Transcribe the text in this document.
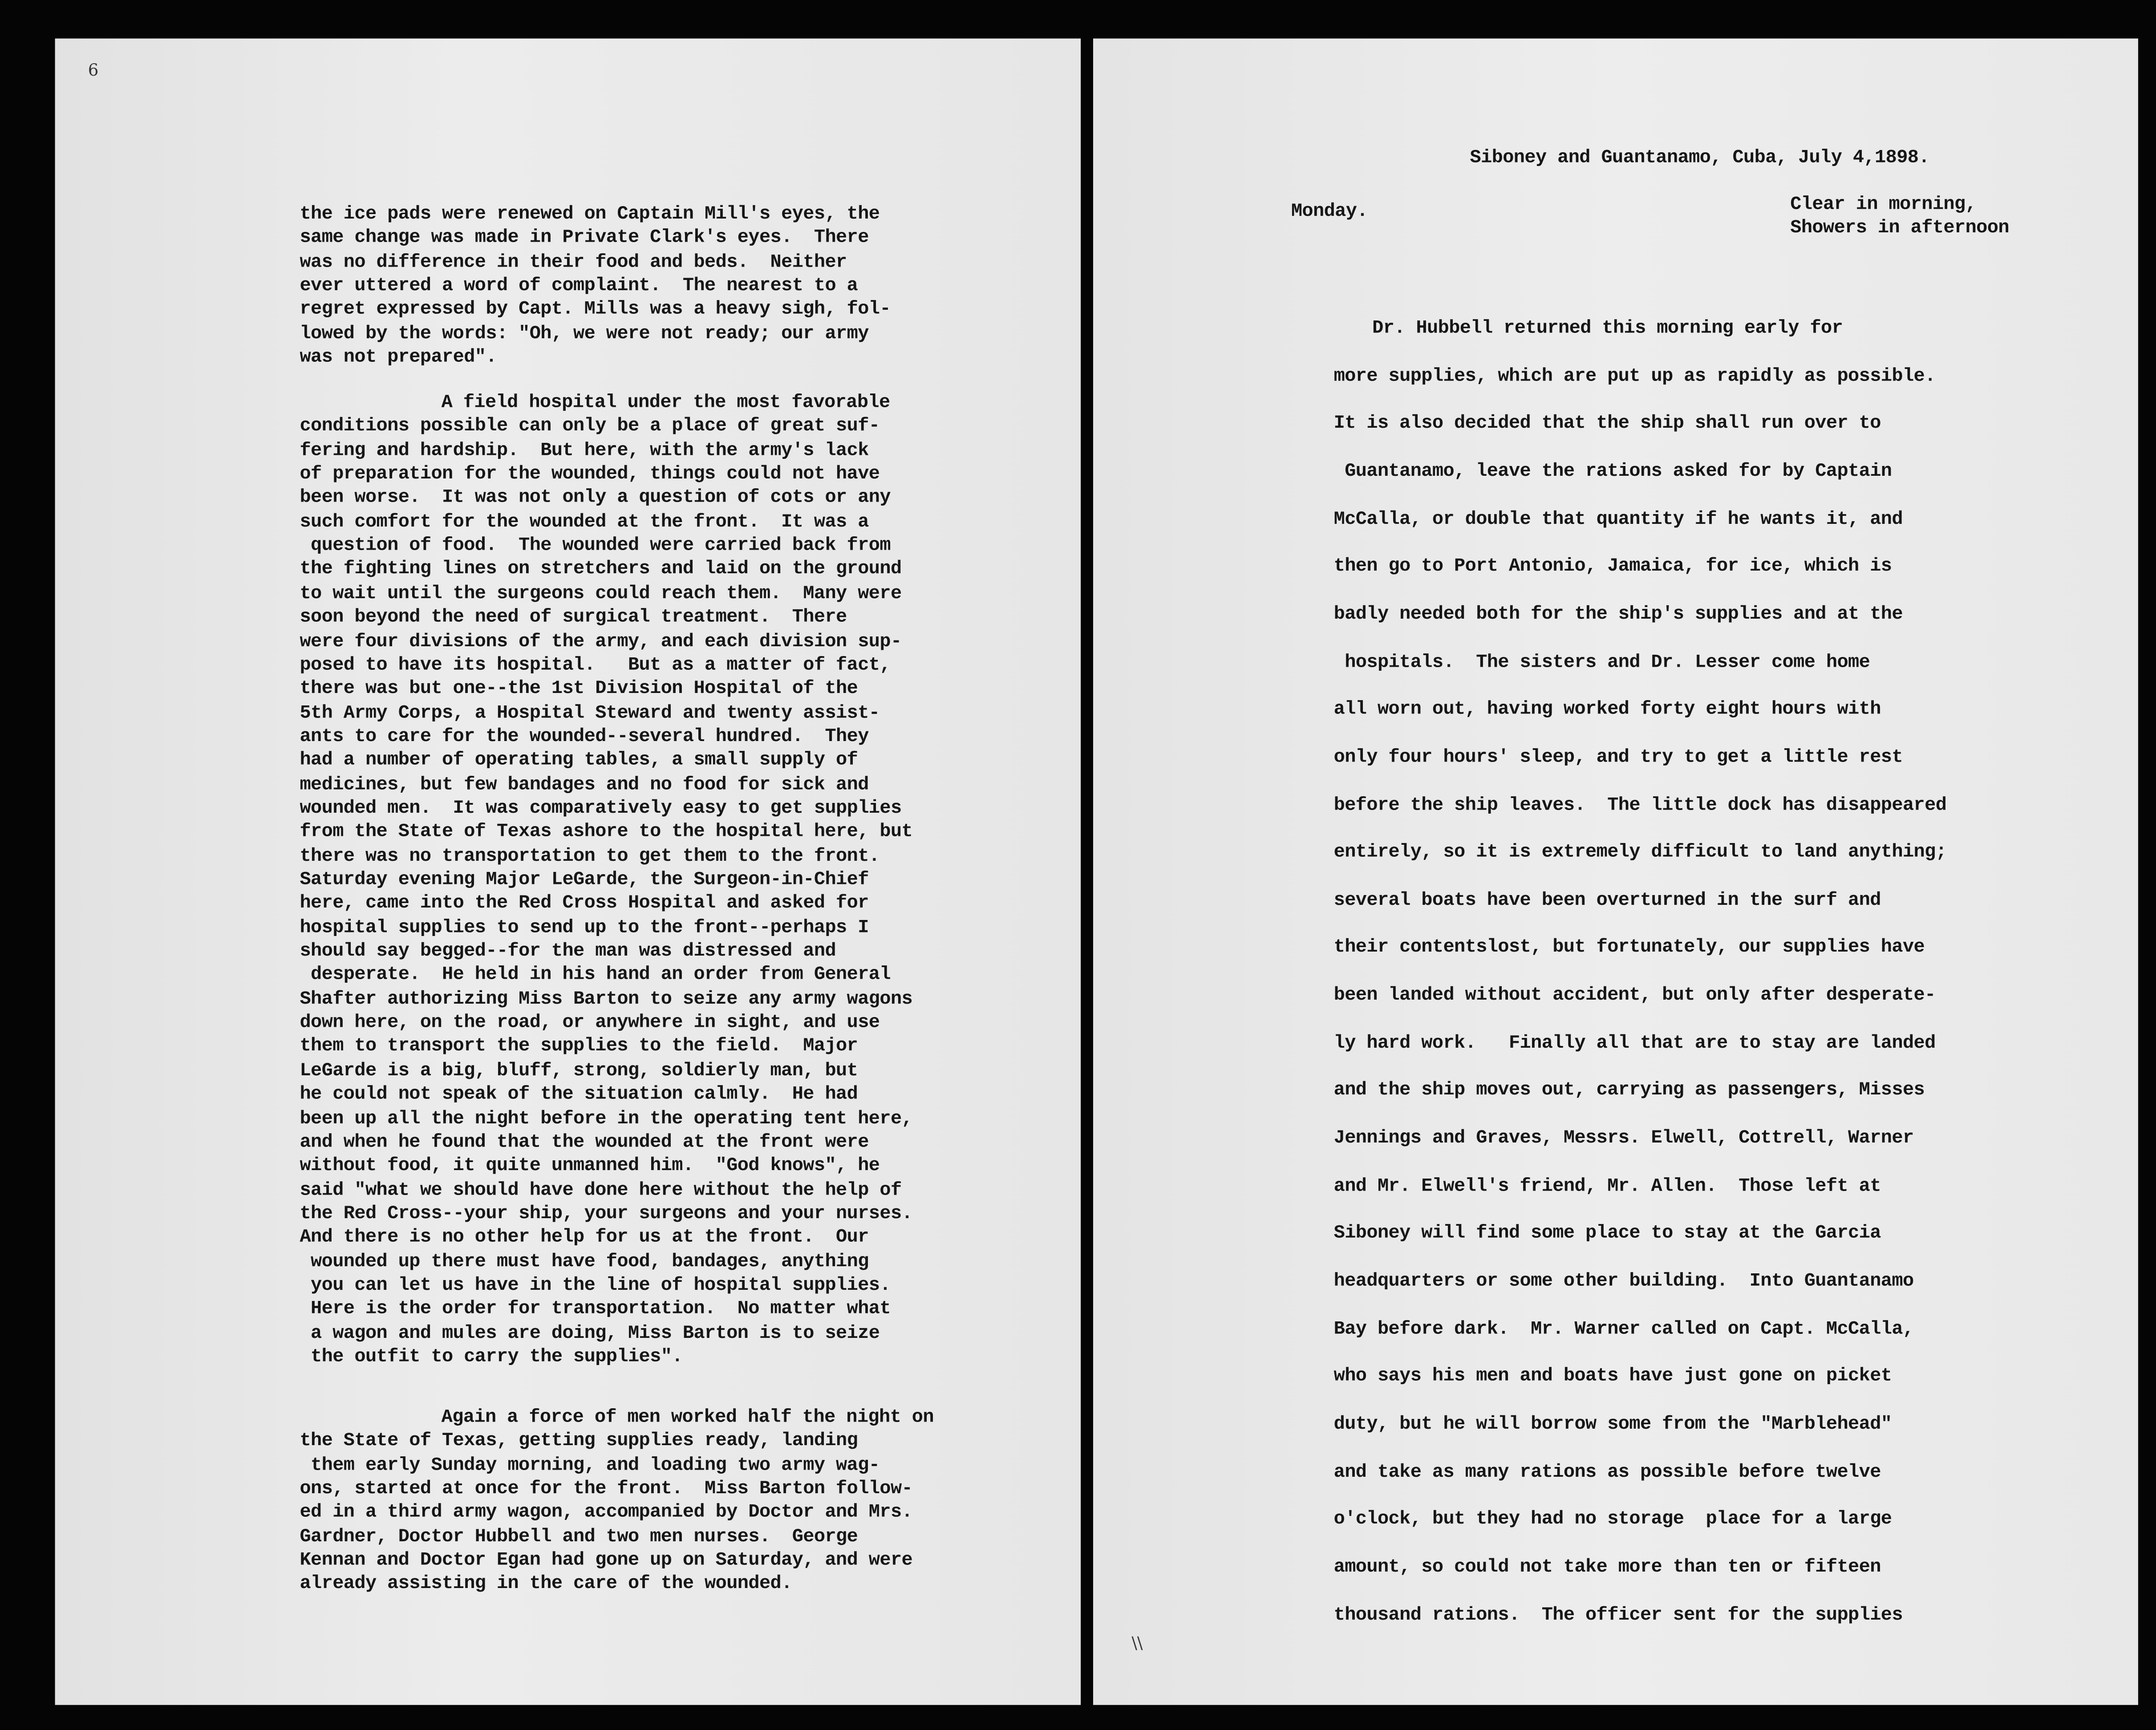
6
the ice pads were renewed on Captain Mill's eyes, the
same change was made in Private Clark's eyes.  There
was no difference in their food and beds.  Neither
ever uttered a word of complaint.  The nearest to a
regret expressed by Capt. Mills was a heavy sigh, fol-
lowed by the words: "Oh, we were not ready; our army
was not prepared".
A field hospital under the most favorable
conditions possible can only be a place of great suf-
fering and hardship.  But here, with the army's lack
of preparation for the wounded, things could not have
been worse.  It was not only a question of cots or any
such comfort for the wounded at the front.  It was a
question of food.  The wounded were carried back from
the fighting lines on stretchers and laid on the ground
to wait until the surgeons could reach them.  Many were
soon beyond the need of surgical treatment.  There
were four divisions of the army, and each division sup-
posed to have its hospital.   But as a matter of fact,
there was but one--the 1st Division Hospital of the
5th Army Corps, a Hospital Steward and twenty assist-
ants to care for the wounded--several hundred.  They
had a number of operating tables, a small supply of
medicines, but few bandages and no food for sick and
wounded men.  It was comparatively easy to get supplies
from the State of Texas ashore to the hospital here, but
there was no transportation to get them to the front.
Saturday evening Major LeGarde, the Surgeon-in-Chief
here, came into the Red Cross Hospital and asked for
hospital supplies to send up to the front--perhaps I
should say begged--for the man was distressed and
desperate.  He held in his hand an order from General
Shafter authorizing Miss Barton to seize any army wagons
down here, on the road, or anywhere in sight, and use
them to transport the supplies to the field.  Major
LeGarde is a big, bluff, strong, soldierly man, but
he could not speak of the situation calmly.  He had
been up all the night before in the operating tent here,
and when he found that the wounded at the front were
without food, it quite unmanned him.  "God knows", he
said "what we should have done here without the help of
the Red Cross--your ship, your surgeons and your nurses.
And there is no other help for us at the front.  Our
wounded up there must have food, bandages, anything
you can let us have in the line of hospital supplies.
Here is the order for transportation.  No matter what
a wagon and mules are doing, Miss Barton is to seize
the outfit to carry the supplies".
Again a force of men worked half the night on
the State of Texas, getting supplies ready, landing
them early Sunday morning, and loading two army wag-
ons, started at once for the front.  Miss Barton follow-
ed in a third army wagon, accompanied by Doctor and Mrs.
Gardner, Doctor Hubbell and two men nurses.  George
Kennan and Doctor Egan had gone up on Saturday, and were
already assisting in the care of the wounded.
\\
Siboney and Guantanamo, Cuba, July 4,1898.
Monday.	Clear in morning,
Showers in afternoon
Dr. Hubbell returned this morning early for
more supplies, which are put up as rapidly as possible.
It is also decided that the ship shall run over to
Guantanamo, leave the rations asked for by Captain
McCalla, or double that quantity if he wants it, and
then go to Port Antonio, Jamaica, for ice, which is
badly needed both for the ship's supplies and at the
hospitals.  The sisters and Dr. Lesser come home
all worn out, having worked forty eight hours with
only four hours' sleep, and try to get a little rest
before the ship leaves.  The little dock has disappeared
entirely, so it is extremely difficult to land anything;
several boats have been overturned in the surf and
their contentslost, but fortunately, our supplies have
been landed without accident, but only after desperate-
ly hard work.   Finally all that are to stay are landed
and the ship moves out, carrying as passengers, Misses
Jennings and Graves, Messrs. Elwell, Cottrell, Warner
and Mr. Elwell's friend, Mr. Allen.  Those left at
Siboney will find some place to stay at the Garcia
headquarters or some other building.  Into Guantanamo
Bay before dark.  Mr. Warner called on Capt. McCalla,
who says his men and boats have just gone on picket
duty, but he will borrow some from the "Marblehead"
and take as many rations as possible before twelve
o'clock, but they had no storage  place for a large
amount, so could not take more than ten or fifteen
thousand rations.  The officer sent for the supplies
